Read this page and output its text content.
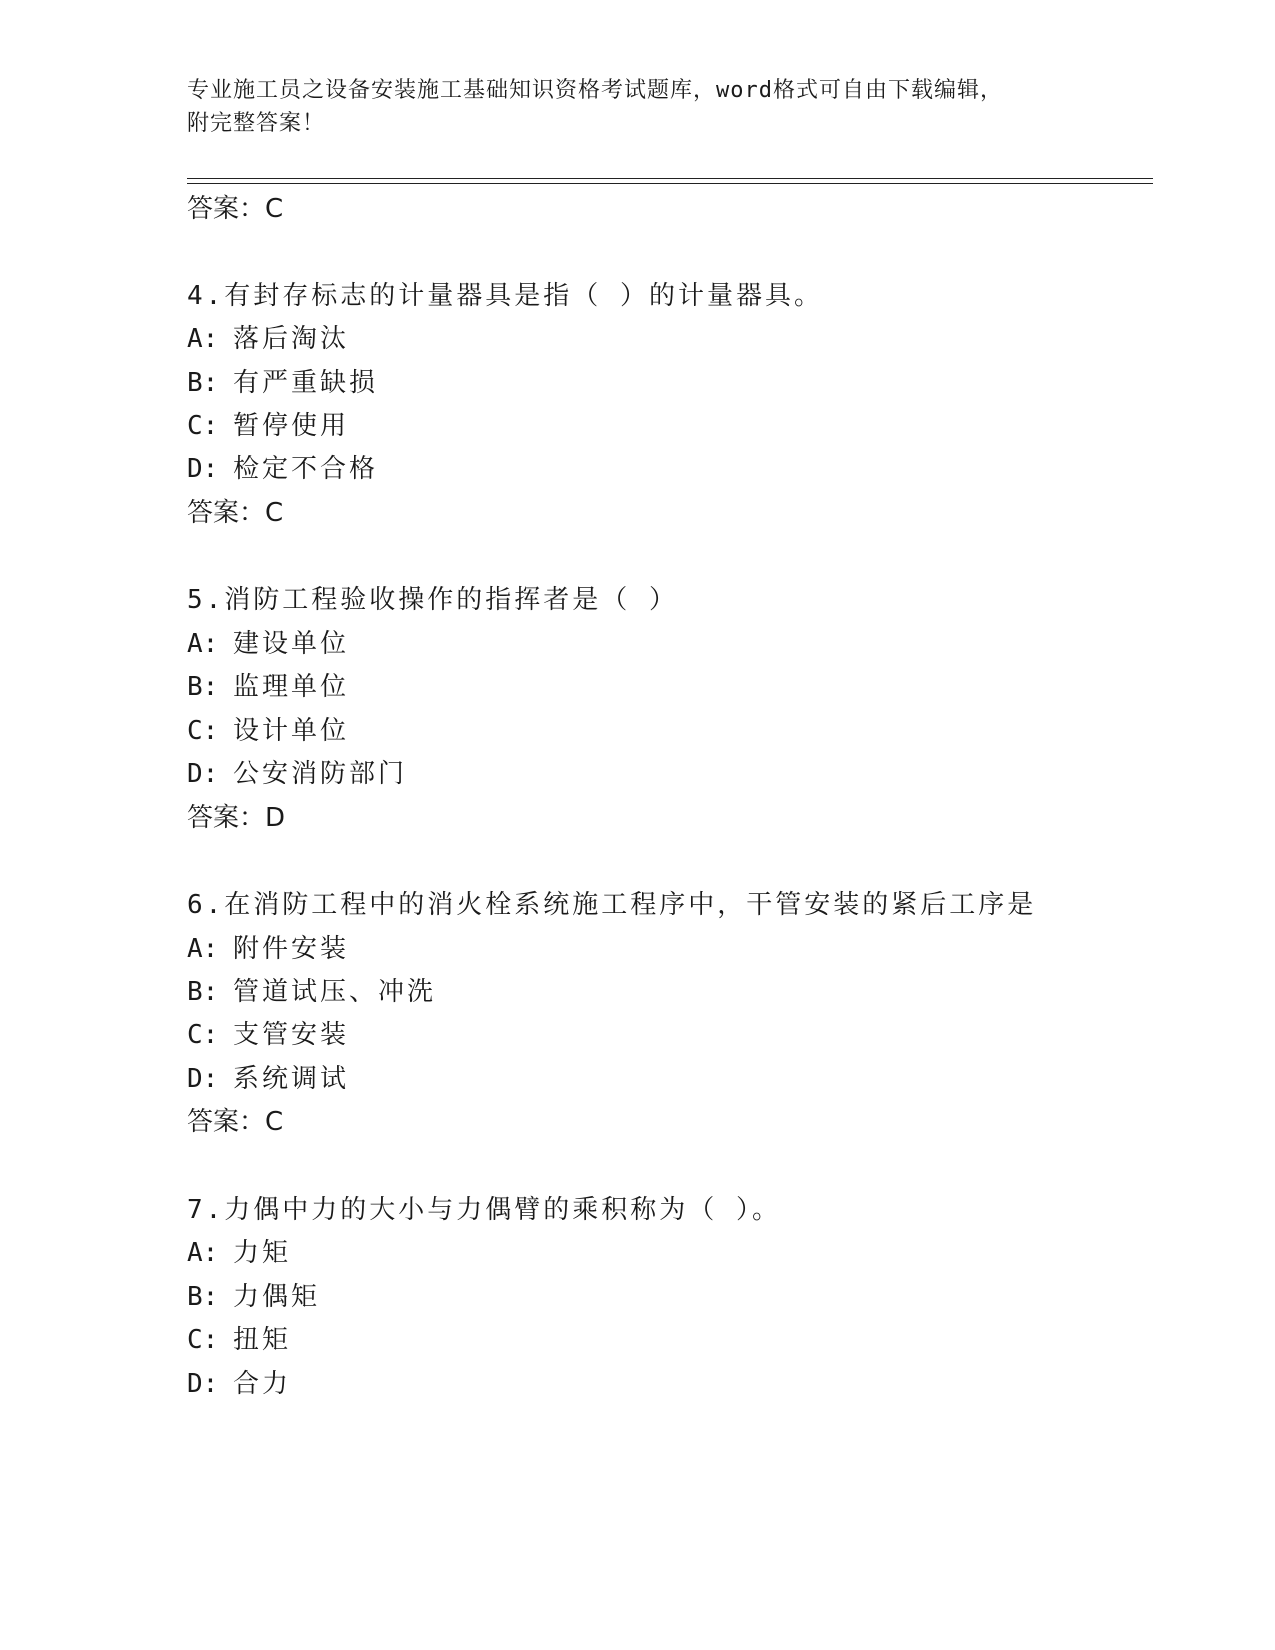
专业施工员之设备安装施工基础知识资格考试题库，word格式可自由下载编辑，
附完整答案！
答案：C
4.有封存标志的计量器具是指（ ）的计量器具。
A: 落后淘汰
B: 有严重缺损
C: 暂停使用
D: 检定不合格
答案：C
5.消防工程验收操作的指挥者是（ ）
A: 建设单位
B: 监理单位
C: 设计单位
D: 公安消防部门
答案：D
6.在消防工程中的消火栓系统施工程序中，干管安装的紧后工序是
A: 附件安装
B: 管道试压、冲洗
C: 支管安装
D: 系统调试
答案：C
7.力偶中力的大小与力偶臂的乘积称为（ ）。
A: 力矩
B: 力偶矩
C: 扭矩
D: 合力
